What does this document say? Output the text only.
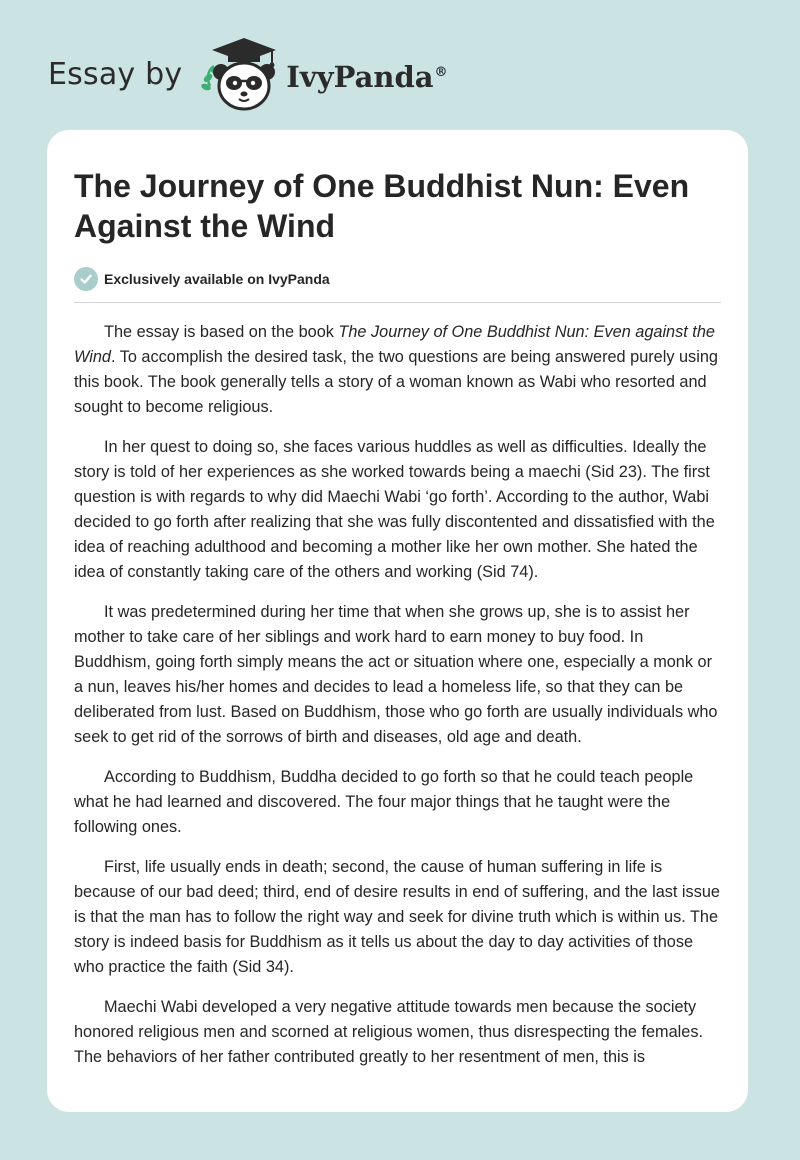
Essay by	IvyPanda®
The Journey of One Buddhist Nun: Even Against the Wind
Exclusively available on IvyPanda

The essay is based on the book The Journey of One Buddhist Nun: Even against the Wind. To accomplish the desired task, the two questions are being answered purely using this book. The book generally tells a story of a woman known as Wabi who resorted and sought to become religious.

In her quest to doing so, she faces various huddles as well as difficulties. Ideally the story is told of her experiences as she worked towards being a maechi (Sid 23). The first question is with regards to why did Maechi Wabi ‘go forth’. According to the author, Wabi decided to go forth after realizing that she was fully discontented and dissatisfied with the idea of reaching adulthood and becoming a mother like her own mother. She hated the idea of constantly taking care of the others and working (Sid 74).

It was predetermined during her time that when she grows up, she is to assist her mother to take care of her siblings and work hard to earn money to buy food. In Buddhism, going forth simply means the act or situation where one, especially a monk or a nun, leaves his/her homes and decides to lead a homeless life, so that they can be deliberated from lust. Based on Buddhism, those who go forth are usually individuals who seek to get rid of the sorrows of birth and diseases, old age and death.

According to Buddhism, Buddha decided to go forth so that he could teach people what he had learned and discovered. The four major things that he taught were the following ones.

First, life usually ends in death; second, the cause of human suffering in life is because of our bad deed; third, end of desire results in end of suffering, and the last issue is that the man has to follow the right way and seek for divine truth which is within us. The story is indeed basis for Buddhism as it tells us about the day to day activities of those who practice the faith (Sid 34).

Maechi Wabi developed a very negative attitude towards men because the society honored religious men and scorned at religious women, thus disrespecting the females. The behaviors of her father contributed greatly to her resentment of men, this is
